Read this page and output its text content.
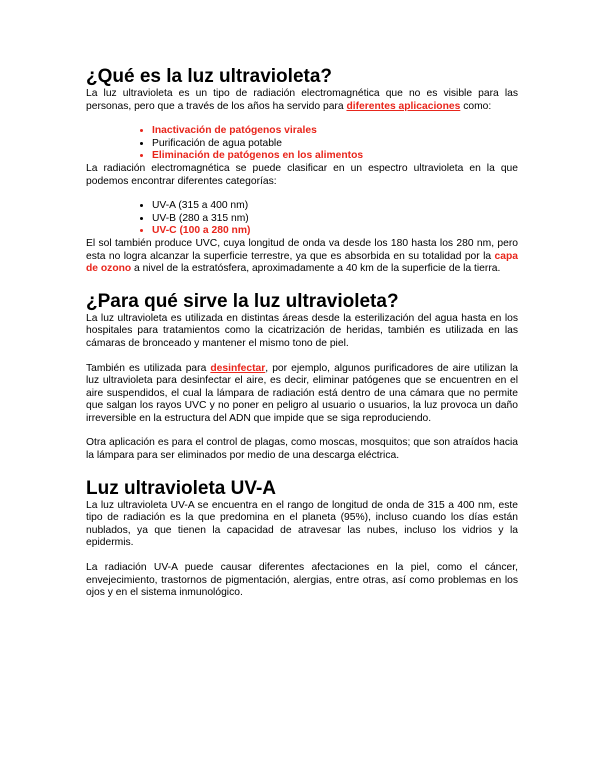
¿Qué es la luz ultravioleta?

La luz ultravioleta es un tipo de radiación electromagnética que no es visible para las personas, pero que a través de los años ha servido para diferentes aplicaciones como:

• Inactivación de patógenos virales
• Purificación de agua potable
• Eliminación de patógenos en los alimentos

La radiación electromagnética se puede clasificar en un espectro ultravioleta en la que podemos encontrar diferentes categorías:

• UV-A (315 a 400 nm)
• UV-B (280 a 315 nm)
• UV-C (100 a 280 nm)

El sol también produce UVC, cuya longitud de onda va desde los 180 hasta los 280 nm, pero esta no logra alcanzar la superficie terrestre, ya que es absorbida en su totalidad por la capa de ozono a nivel de la estratósfera, aproximadamente a 40 km de la superficie de la tierra.

¿Para qué sirve la luz ultravioleta?

La luz ultravioleta es utilizada en distintas áreas desde la esterilización del agua hasta en los hospitales para tratamientos como la cicatrización de heridas, también es utilizada en las cámaras de bronceado y mantener el mismo tono de piel.

También es utilizada para desinfectar, por ejemplo, algunos purificadores de aire utilizan la luz ultravioleta para desinfectar el aire, es decir, eliminar patógenes que se encuentren en el aire suspendidos, el cual la lámpara de radiación está dentro de una cámara que no permite que salgan los rayos UVC y no poner en peligro al usuario o usuarios, la luz provoca un daño irreversible en la estructura del ADN que impide que se siga reproduciendo.

Otra aplicación es para el control de plagas, como moscas, mosquitos; que son atraídos hacia la lámpara para ser eliminados por medio de una descarga eléctrica.

Luz ultravioleta UV-A

La luz ultravioleta UV-A se encuentra en el rango de longitud de onda de 315 a 400 nm, este tipo de radiación es la que predomina en el planeta (95%), incluso cuando los días están nublados, ya que tienen la capacidad de atravesar las nubes, incluso los vidrios y la epidermis.

La radiación UV-A puede causar diferentes afectaciones en la piel, como el cáncer, envejecimiento, trastornos de pigmentación, alergias, entre otras, así como problemas en los ojos y en el sistema inmunológico.
